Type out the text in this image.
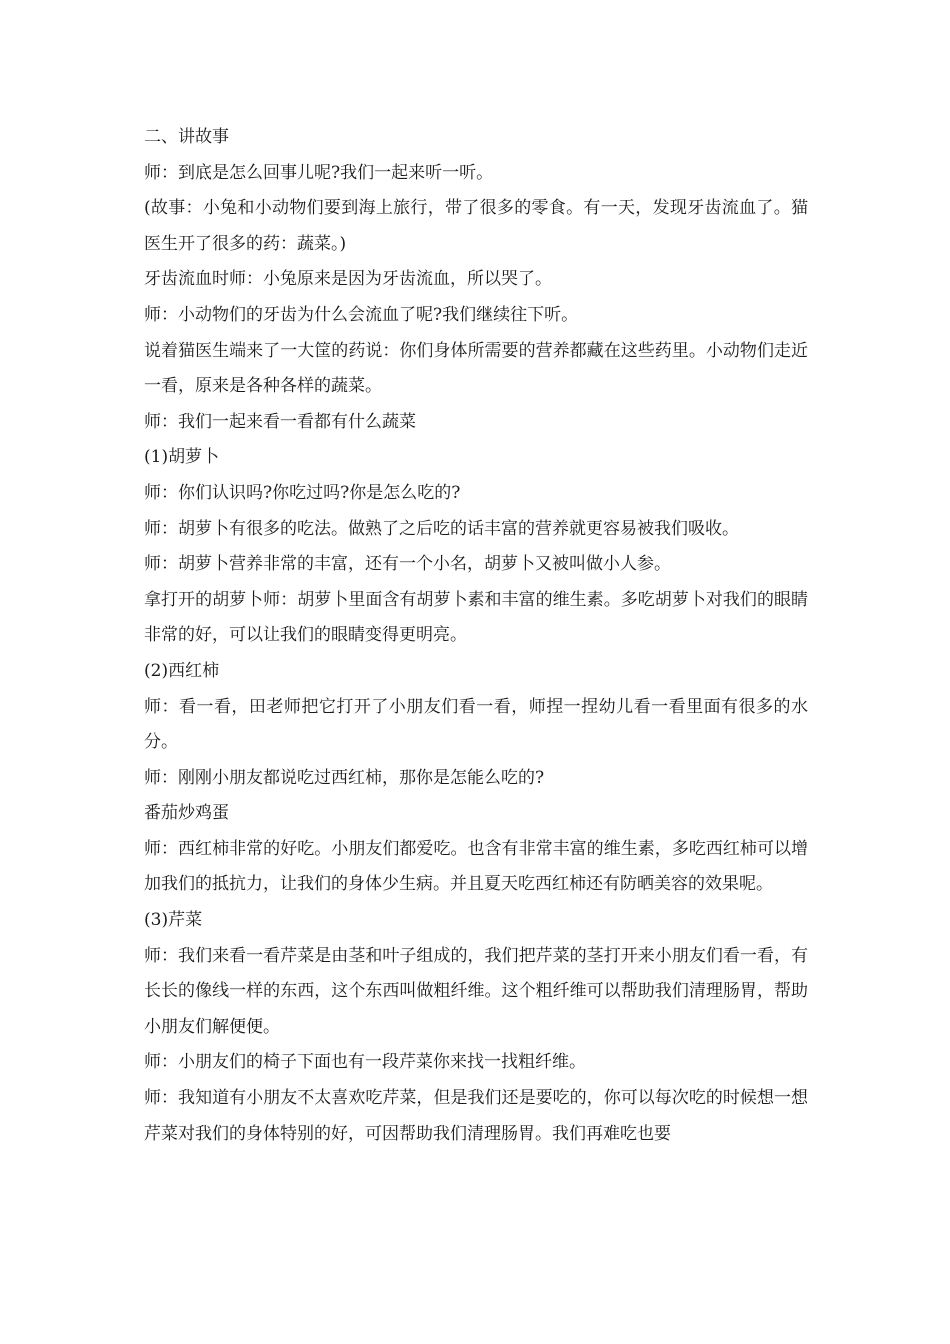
二、讲故事

师：到底是怎么回事儿呢?我们一起来听一听。

(故事：小兔和小动物们要到海上旅行，带了很多的零食。有一天，发现牙齿流血了。猫医生开了很多的药：蔬菜。)

牙齿流血时师：小兔原来是因为牙齿流血，所以哭了。

师：小动物们的牙齿为什么会流血了呢?我们继续往下听。

说着猫医生端来了一大筐的药说：你们身体所需要的营养都藏在这些药里。小动物们走近一看，原来是各种各样的蔬菜。

师：我们一起来看一看都有什么蔬菜

(1)胡萝卜

师：你们认识吗?你吃过吗?你是怎么吃的?

师：胡萝卜有很多的吃法。做熟了之后吃的话丰富的营养就更容易被我们吸收。

师：胡萝卜营养非常的丰富，还有一个小名，胡萝卜又被叫做小人参。

拿打开的胡萝卜师：胡萝卜里面含有胡萝卜素和丰富的维生素。多吃胡萝卜对我们的眼睛非常的好，可以让我们的眼睛变得更明亮。

(2)西红柿

师：看一看，田老师把它打开了小朋友们看一看，师捏一捏幼儿看一看里面有很多的水分。

师：刚刚小朋友都说吃过西红柿，那你是怎能么吃的?

番茄炒鸡蛋

师：西红柿非常的好吃。小朋友们都爱吃。也含有非常丰富的维生素，多吃西红柿可以增加我们的抵抗力，让我们的身体少生病。并且夏天吃西红柿还有防晒美容的效果呢。

(3)芹菜

师：我们来看一看芹菜是由茎和叶子组成的，我们把芹菜的茎打开来小朋友们看一看，有长长的像线一样的东西，这个东西叫做粗纤维。这个粗纤维可以帮助我们清理肠胃，帮助小朋友们解便便。

师：小朋友们的椅子下面也有一段芹菜你来找一找粗纤维。

师：我知道有小朋友不太喜欢吃芹菜，但是我们还是要吃的，你可以每次吃的时候想一想芹菜对我们的身体特别的好，可因帮助我们清理肠胃。我们再难吃也要
